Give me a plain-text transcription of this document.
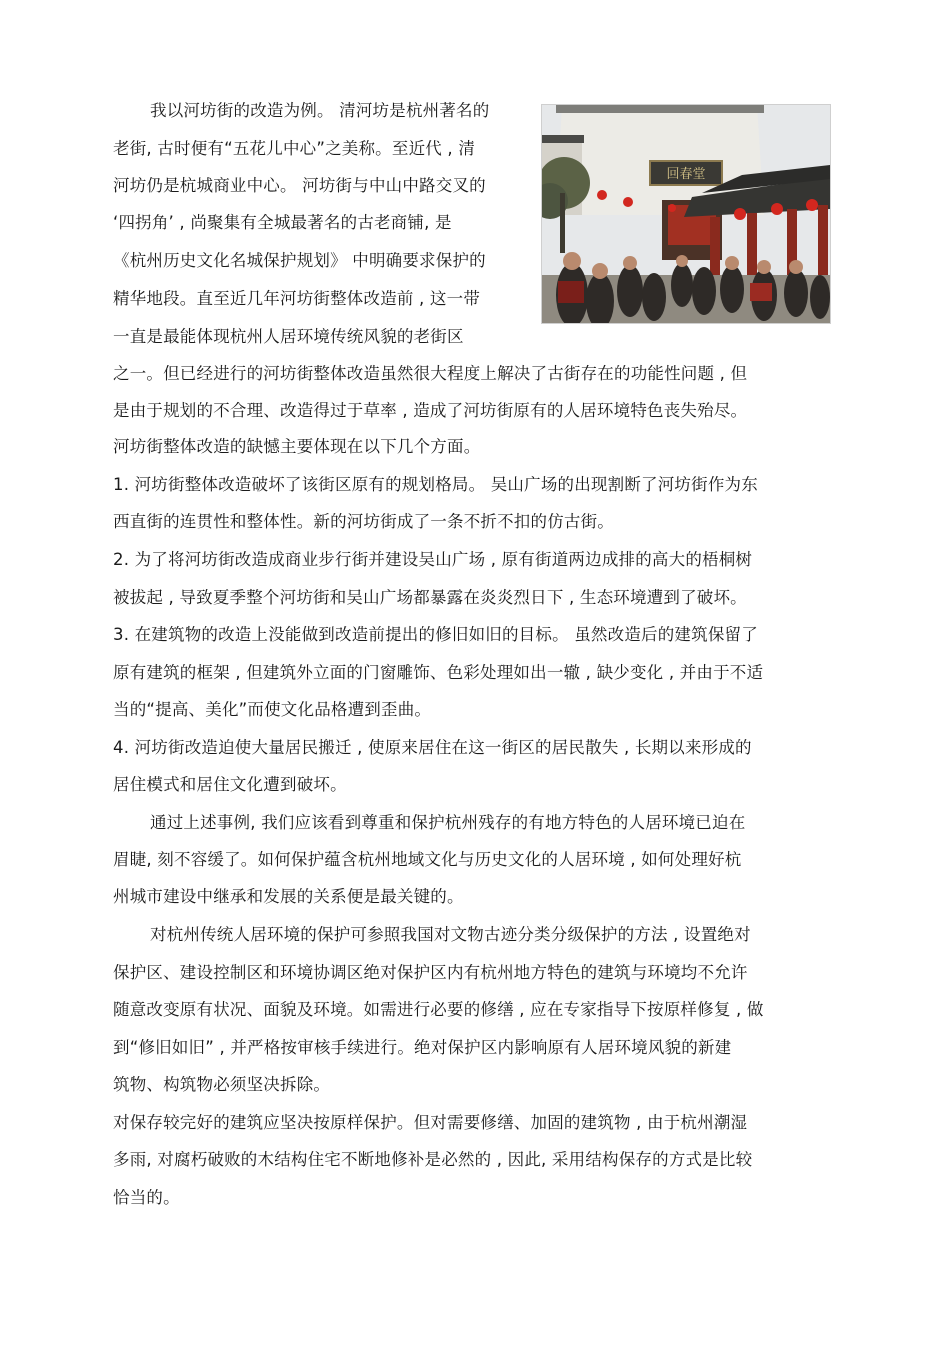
回春堂
我以河坊街的改造为例。 清河坊是杭州著名的
老街, 古时便有“五花儿中心”之美称。至近代 , 清
河坊仍是杭城商业中心。 河坊街与中山中路交叉的
‘四拐角’ , 尚聚集有全城最著名的古老商铺, 是
《杭州历史文化名城保护规划》 中明确要求保护的
精华地段。直至近几年河坊街整体改造前 , 这一带
一直是最能体现杭州人居环境传统风貌的老街区
之一。但已经进行的河坊街整体改造虽然很大程度上解决了古街存在的功能性问题 , 但
是由于规划的不合理、改造得过于草率 , 造成了河坊街原有的人居环境特色丧失殆尽。
河坊街整体改造的缺憾主要体现在以下几个方面。
1. 河坊街整体改造破坏了该街区原有的规划格局。 吴山广场的出现割断了河坊街作为东
西直街的连贯性和整体性。新的河坊街成了一条不折不扣的仿古街。
2. 为了将河坊街改造成商业步行街并建设吴山广场 , 原有街道两边成排的高大的梧桐树
被拔起 , 导致夏季整个河坊街和吴山广场都暴露在炎炎烈日下 , 生态环境遭到了破坏。
3. 在建筑物的改造上没能做到改造前提出的修旧如旧的目标。 虽然改造后的建筑保留了
原有建筑的框架 , 但建筑外立面的门窗雕饰、色彩处理如出一辙 , 缺少变化 , 并由于不适
当的“提高、美化”而使文化品格遭到歪曲。
4. 河坊街改造迫使大量居民搬迁 , 使原来居住在这一街区的居民散失 , 长期以来形成的
居住模式和居住文化遭到破坏。
通过上述事例, 我们应该看到尊重和保护杭州残存的有地方特色的人居环境已迫在
眉睫, 刻不容缓了。如何保护蕴含杭州地域文化与历史文化的人居环境 , 如何处理好杭
州城市建设中继承和发展的关系便是最关键的。
对杭州传统人居环境的保护可参照我国对文物古迹分类分级保护的方法 , 设置绝对
保护区、建设控制区和环境协调区绝对保护区内有杭州地方特色的建筑与环境均不允许
随意改变原有状况、面貌及环境。如需进行必要的修缮 , 应在专家指导下按原样修复 , 做
到“修旧如旧” , 并严格按审核手续进行。绝对保护区内影响原有人居环境风貌的新建
筑物、构筑物必须坚决拆除。
对保存较完好的建筑应坚决按原样保护。但对需要修缮、加固的建筑物 , 由于杭州潮湿
多雨, 对腐朽破败的木结构住宅不断地修补是必然的 , 因此, 采用结构保存的方式是比较
恰当的。
